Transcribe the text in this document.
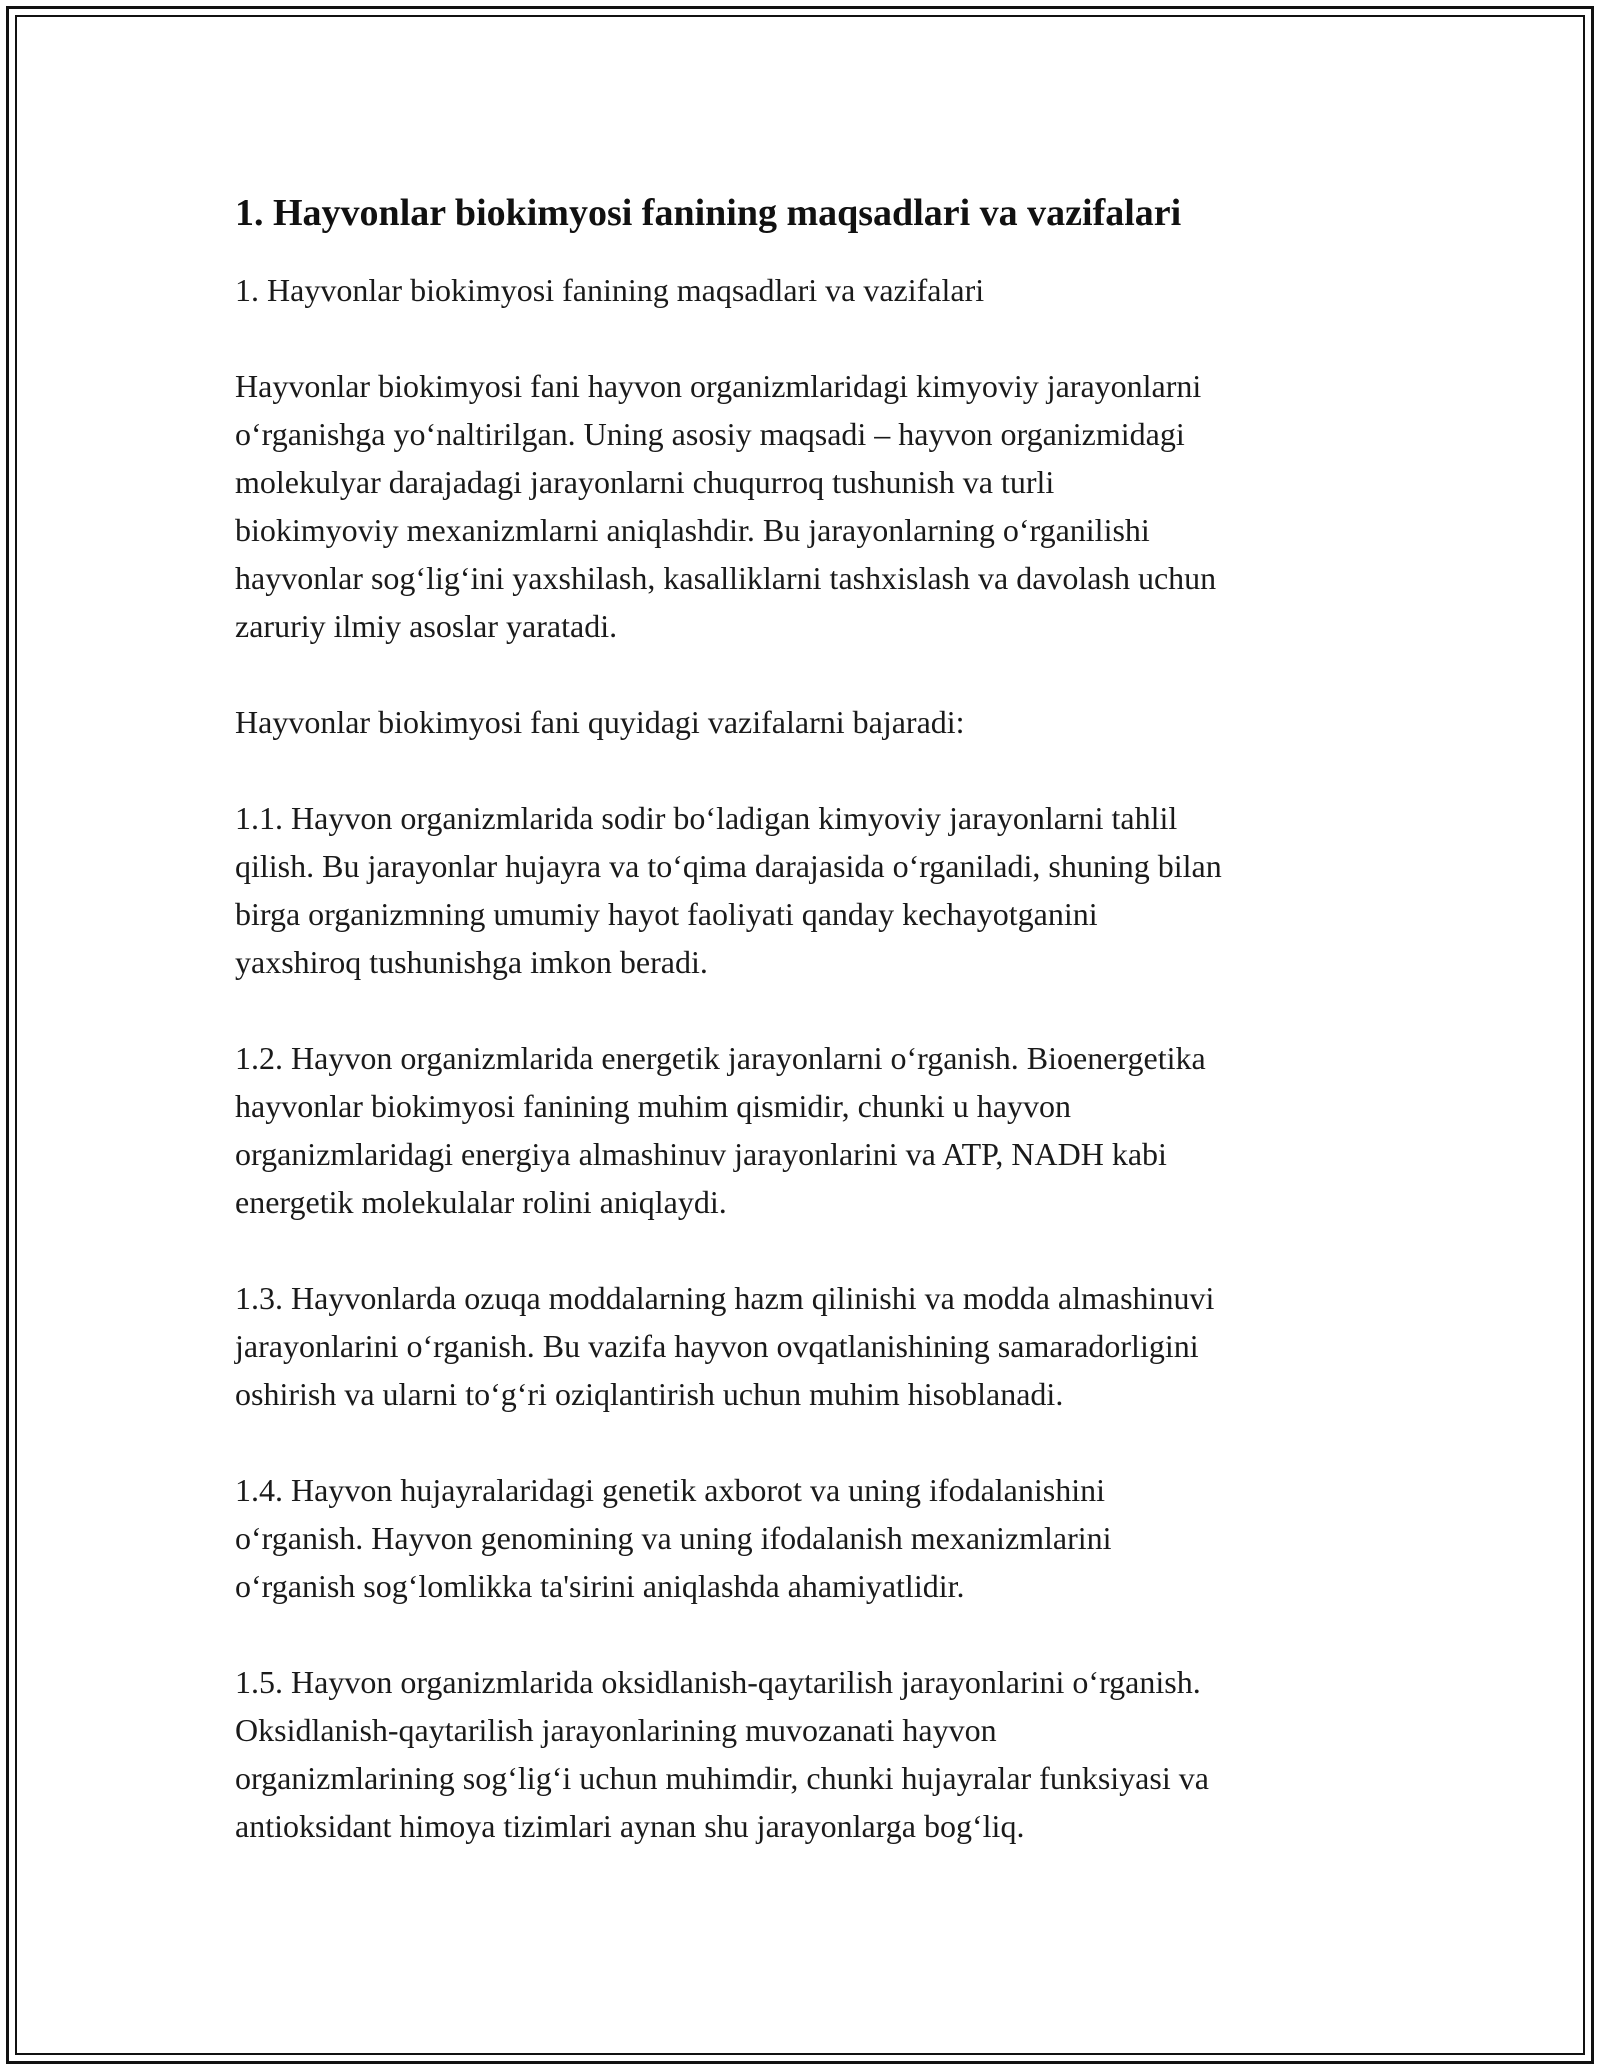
1. Hayvonlar biokimyosi fanining maqsadlari va vazifalari

1. Hayvonlar biokimyosi fanining maqsadlari va vazifalari

Hayvonlar biokimyosi fani hayvon organizmlaridagi kimyoviy jarayonlarni
o‘rganishga yo‘naltirilgan. Uning asosiy maqsadi – hayvon organizmidagi
molekulyar darajadagi jarayonlarni chuqurroq tushunish va turli
biokimyoviy mexanizmlarni aniqlashdir. Bu jarayonlarning o‘rganilishi
hayvonlar sog‘lig‘ini yaxshilash, kasalliklarni tashxislash va davolash uchun
zaruriy ilmiy asoslar yaratadi.

Hayvonlar biokimyosi fani quyidagi vazifalarni bajaradi:

1.1. Hayvon organizmlarida sodir bo‘ladigan kimyoviy jarayonlarni tahlil
qilish. Bu jarayonlar hujayra va to‘qima darajasida o‘rganiladi, shuning bilan
birga organizmning umumiy hayot faoliyati qanday kechayotganini
yaxshiroq tushunishga imkon beradi.

1.2. Hayvon organizmlarida energetik jarayonlarni o‘rganish. Bioenergetika
hayvonlar biokimyosi fanining muhim qismidir, chunki u hayvon
organizmlaridagi energiya almashinuv jarayonlarini va ATP, NADH kabi
energetik molekulalar rolini aniqlaydi.

1.3. Hayvonlarda ozuqa moddalarning hazm qilinishi va modda almashinuvi
jarayonlarini o‘rganish. Bu vazifa hayvon ovqatlanishining samaradorligini
oshirish va ularni to‘g‘ri oziqlantirish uchun muhim hisoblanadi.

1.4. Hayvon hujayralaridagi genetik axborot va uning ifodalanishini
o‘rganish. Hayvon genomining va uning ifodalanish mexanizmlarini
o‘rganish sog‘lomlikka ta'sirini aniqlashda ahamiyatlidir.

1.5. Hayvon organizmlarida oksidlanish-qaytarilish jarayonlarini o‘rganish.
Oksidlanish-qaytarilish jarayonlarining muvozanati hayvon
organizmlarining sog‘lig‘i uchun muhimdir, chunki hujayralar funksiyasi va
antioksidant himoya tizimlari aynan shu jarayonlarga bog‘liq.
